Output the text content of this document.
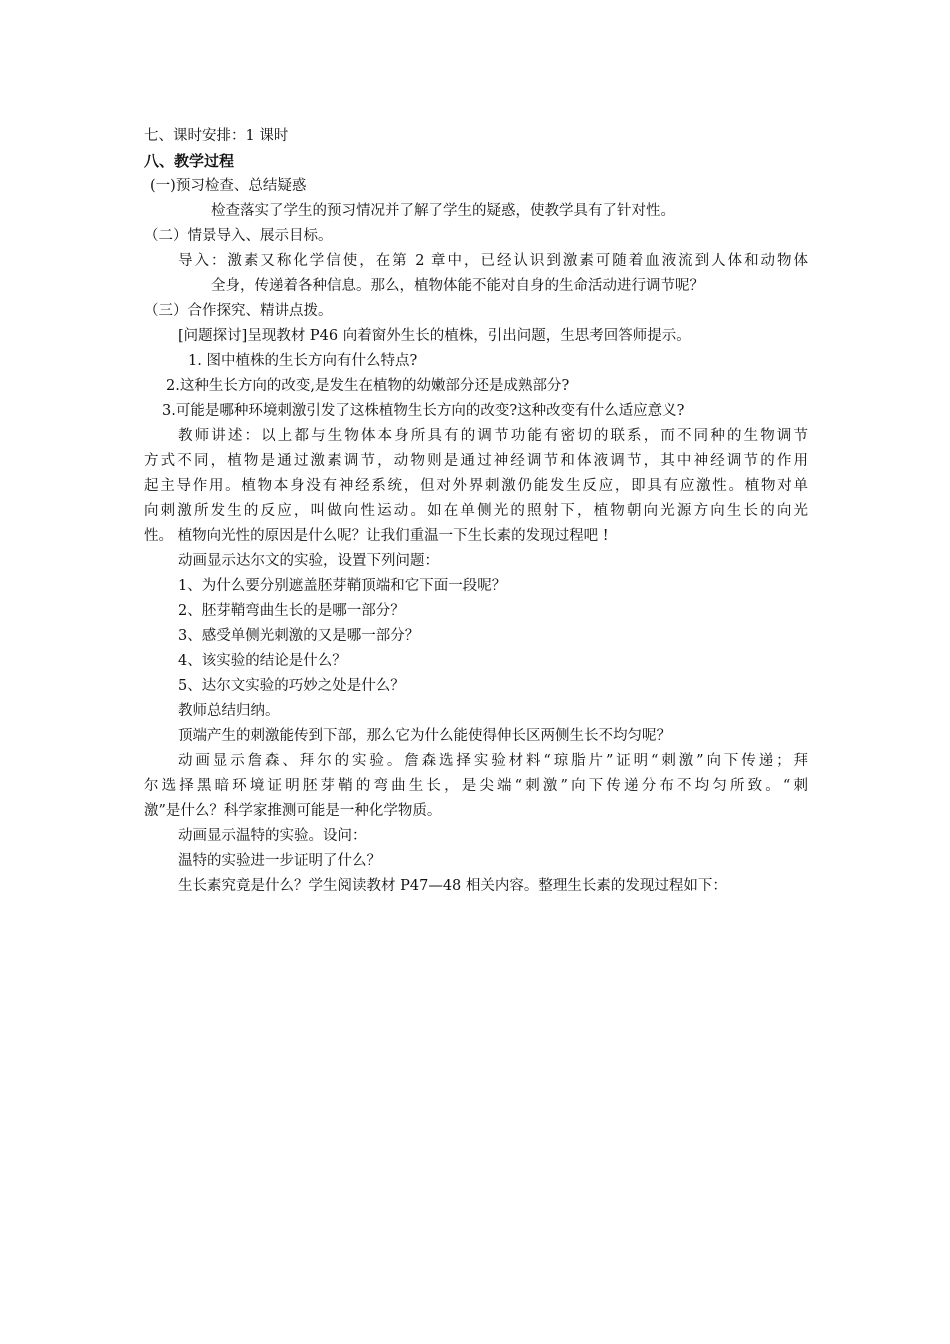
七、课时安排：1 课时
八、教学过程
(一)预习检查、总结疑惑
检查落实了学生的预习情况并了解了学生的疑惑，使教学具有了针对性。
（二）情景导入、展示目标。
导入：激素又称化学信使，在第 2 章中，已经认识到激素可随着血液流到人体和动物体
全身，传递着各种信息。那么，植物体能不能对自身的生命活动进行调节呢？
（三）合作探究、精讲点拨。
[问题探讨]呈现教材 P46 向着窗外生长的植株，引出问题，生思考回答师提示。
1. 图中植株的生长方向有什么特点?
2.这种生长方向的改变,是发生在植物的幼嫩部分还是成熟部分?
3.可能是哪种环境刺激引发了这株植物生长方向的改变?这种改变有什么适应意义?
教师讲述：以上都与生物体本身所具有的调节功能有密切的联系，而不同种的生物调节
方式不同，植物是通过激素调节，动物则是通过神经调节和体液调节，其中神经调节的作用
起主导作用。植物本身没有神经系统，但对外界刺激仍能发生反应，即具有应激性。植物对单
向刺激所发生的反应，叫做向性运动。如在单侧光的照射下，植物朝向光源方向生长的向光
性。 植物向光性的原因是什么呢？让我们重温一下生长素的发现过程吧 !
动画显示达尔文的实验，设置下列问题：
1、为什么要分别遮盖胚芽鞘顶端和它下面一段呢？
2、胚芽鞘弯曲生长的是哪一部分？
3、感受单侧光刺激的又是哪一部分？
4、该实验的结论是什么？
5、达尔文实验的巧妙之处是什么？
教师总结归纳。
顶端产生的刺激能传到下部，那么它为什么能使得伸长区两侧生长不均匀呢？
动画显示詹森、拜尔的实验。詹森选择实验材料“琼脂片”证明“刺激”向下传递；拜
尔选择黑暗环境证明胚芽鞘的弯曲生长，是尖端“刺激”向下传递分布不均匀所致。“刺
激”是什么？科学家推测可能是一种化学物质。
动画显示温特的实验。设问：
温特的实验进一步证明了什么？
生长素究竟是什么？学生阅读教材 P47—48 相关内容。整理生长素的发现过程如下：
